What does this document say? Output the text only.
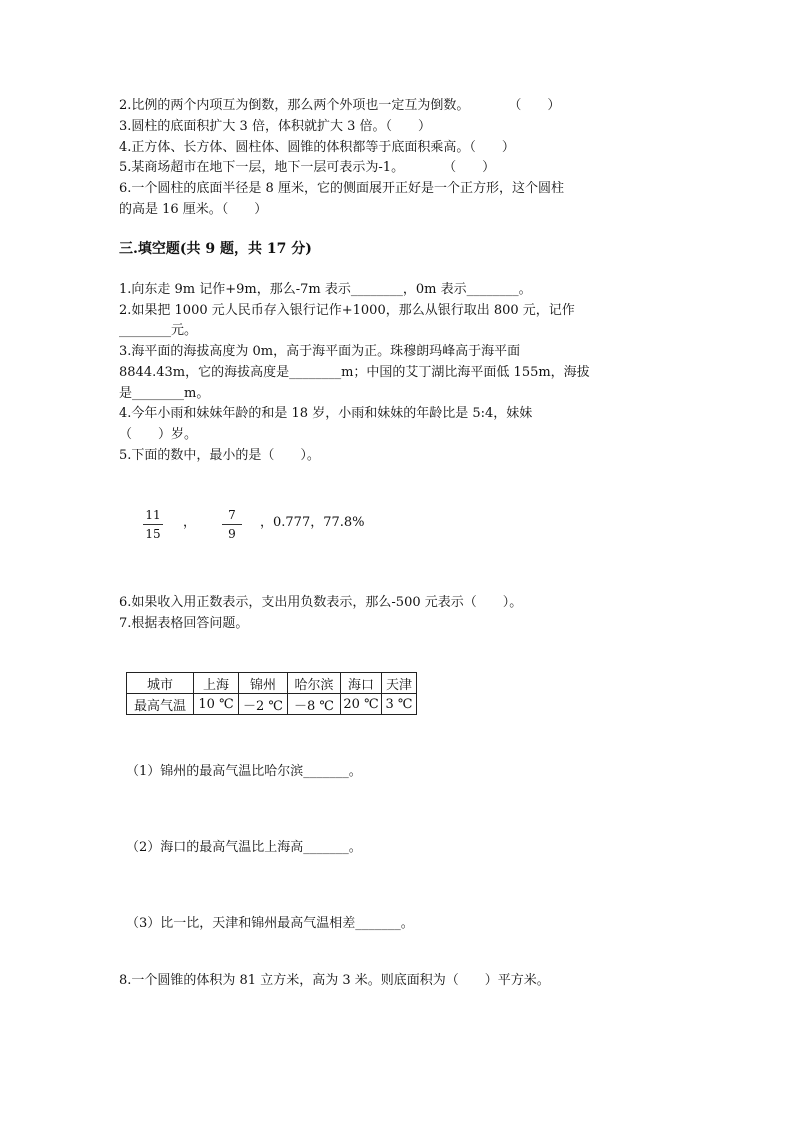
2.比例的两个内项互为倒数，那么两个外项也一定互为倒数。　　　　（　　）
3.圆柱的底面积扩大 3 倍，体积就扩大 3 倍。（　　）
4.正方体、长方体、圆柱体、圆锥的体积都等于底面积乘高。（　　）
5.某商场超市在地下一层，地下一层可表示为-1。　　　　（　　）
6.一个圆柱的底面半径是 8 厘米，它的侧面展开正好是一个正方形，这个圆柱
的高是 16 厘米。（　　）
三.填空题(共 9 题，共 17 分)
1.向东走 9m 记作+9m，那么-7m 表示________，0m 表示________。
2.如果把 1000 元人民币存入银行记作+1000，那么从银行取出 800 元，记作
________元。
3.海平面的海拔高度为 0m，高于海平面为正。珠穆朗玛峰高于海平面
8844.43m，它的海拔高度是________m；中国的艾丁湖比海平面低 155m，海拔
是________m。
4.今年小雨和妹妹年龄的和是 18 岁，小雨和妹妹的年龄比是 5:4，妹妹
（　　）岁。
5.下面的数中，最小的是（　　）。
11
15
，	7
9
，0.777，77.8%
6.如果收入用正数表示，支出用负数表示，那么-500 元表示（　　）。
7.根据表格回答问题。
城市	上海	锦州	哈尔滨	海口	天津
最高气温	10 ℃	－2 ℃	－8 ℃	20 ℃	3 ℃
（1）锦州的最高气温比哈尔滨_______。
（2）海口的最高气温比上海高_______。
（3）比一比，天津和锦州最高气温相差_______。
8.一个圆锥的体积为 81 立方米，高为 3 米。则底面积为（　　）平方米。
